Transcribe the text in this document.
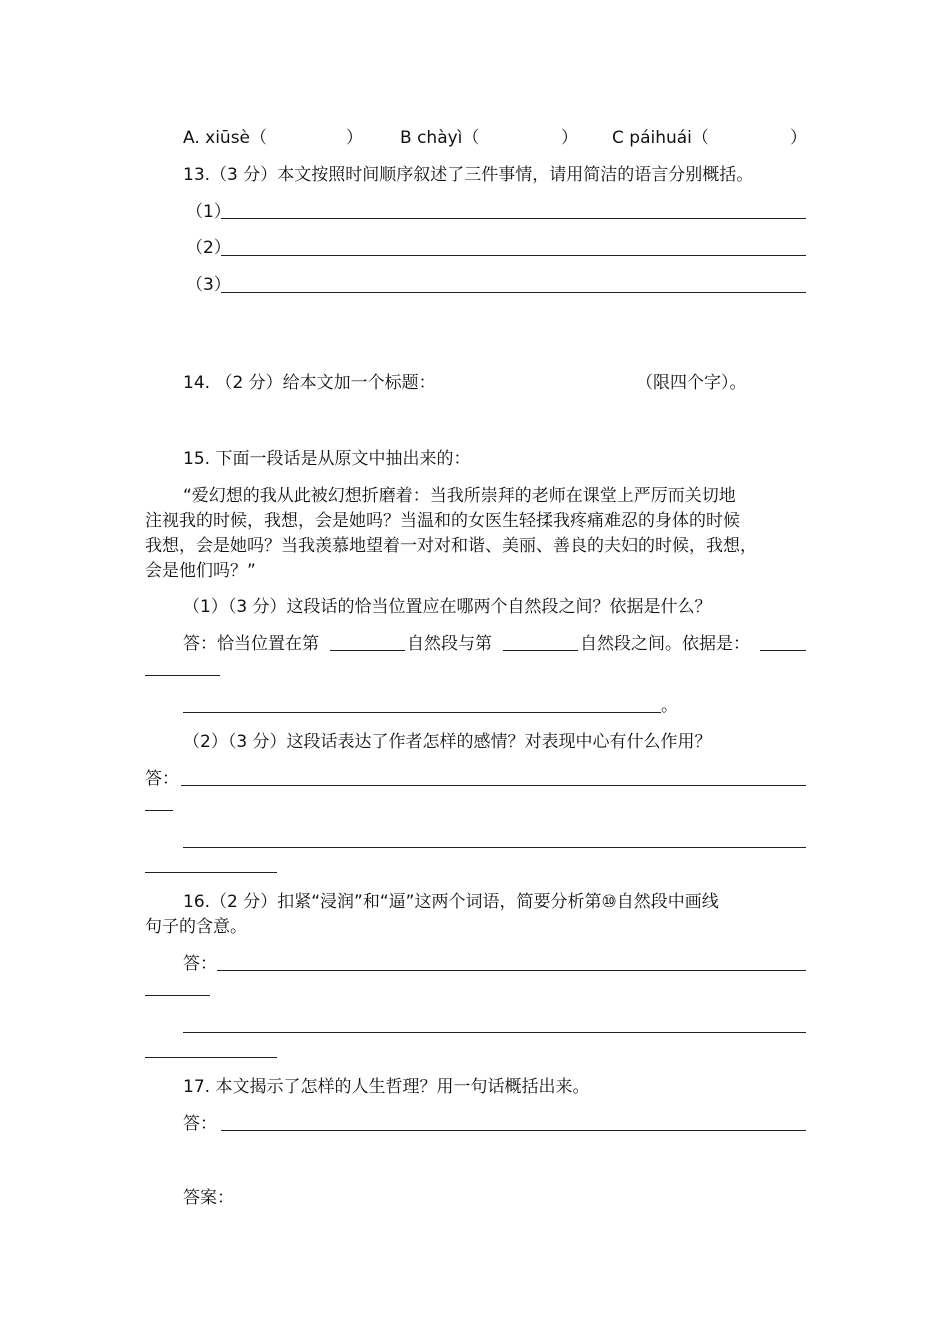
A. xiūsè（	） B chàyì（	） C páihuái（	）
13.（3 分）本文按照时间顺序叙述了三件事情，请用简洁的语言分别概括。
（1）
（2）
（3）
14. （2 分）给本文加一个标题：	（限四个字）。
15. 下面一段话是从原文中抽出来的：
“爱幻想的我从此被幻想折磨着：当我所崇拜的老师在课堂上严厉而关切地
注视我的时候，我想，会是她吗？当温和的女医生轻揉我疼痛难忍的身体的时候
我想，会是她吗？当我羡慕地望着一对对和谐、美丽、善良的夫妇的时候，我想，
会是他们吗？”
（1）（3 分）这段话的恰当位置应在哪两个自然段之间？依据是什么？
答：恰当位置在第	自然段与第	自然段之间。依据是：
。
（2）（3 分）这段话表达了作者怎样的感情？对表现中心有什么作用？
答：
16.（2 分）扣紧“浸润”和“逼”这两个词语，简要分析第⑩自然段中画线
句子的含意。
答：
17. 本文揭示了怎样的人生哲理？用一句话概括出来。
答：
答案：
